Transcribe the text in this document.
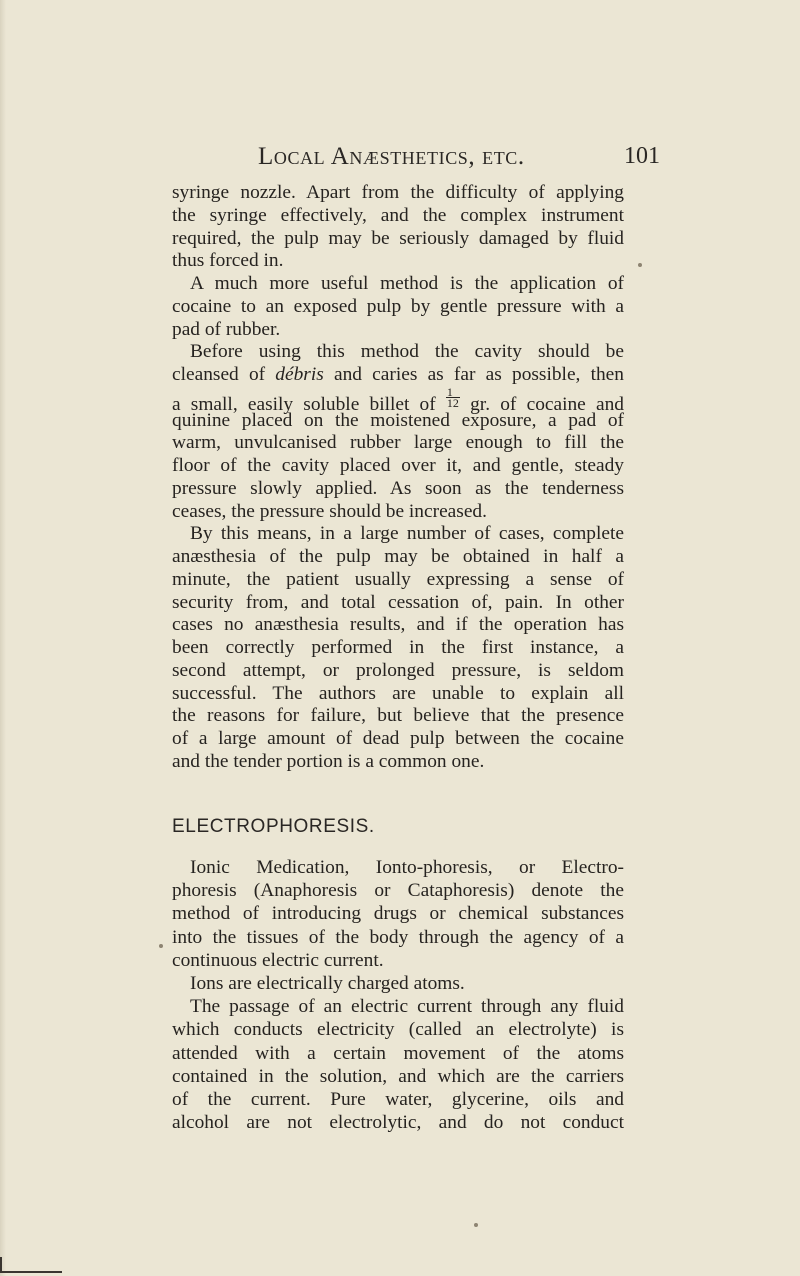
Local Anæsthetics, etc.	101
syringe nozzle. Apart from the difficulty of applying
the syringe effectively, and the complex instrument
required, the pulp may be seriously damaged by fluid
thus forced in.
A much more useful method is the application of
cocaine to an exposed pulp by gentle pressure with a
pad of rubber.
Before using this method the cavity should be
cleansed of débris and caries as far as possible, then
a small, easily soluble billet of $\frac{1}{12}$ gr. of cocaine and
quinine placed on the moistened exposure, a pad of
warm, unvulcanised rubber large enough to fill the
floor of the cavity placed over it, and gentle, steady
pressure slowly applied. As soon as the tenderness
ceases, the pressure should be increased.
By this means, in a large number of cases, complete
anæsthesia of the pulp may be obtained in half a
minute, the patient usually expressing a sense of
security from, and total cessation of, pain. In other
cases no anæsthesia results, and if the operation has
been correctly performed in the first instance, a
second attempt, or prolonged pressure, is seldom
successful. The authors are unable to explain all
the reasons for failure, but believe that the presence
of a large amount of dead pulp between the cocaine
and the tender portion is a common one.
ELECTROPHORESIS.
Ionic Medication, Ionto-phoresis, or Electro-
phoresis (Anaphoresis or Cataphoresis) denote the
method of introducing drugs or chemical substances
into the tissues of the body through the agency of a
continuous electric current.
Ions are electrically charged atoms.
The passage of an electric current through any fluid
which conducts electricity (called an electrolyte) is
attended with a certain movement of the atoms
contained in the solution, and which are the carriers
of the current. Pure water, glycerine, oils and
alcohol are not electrolytic, and do not conduct
